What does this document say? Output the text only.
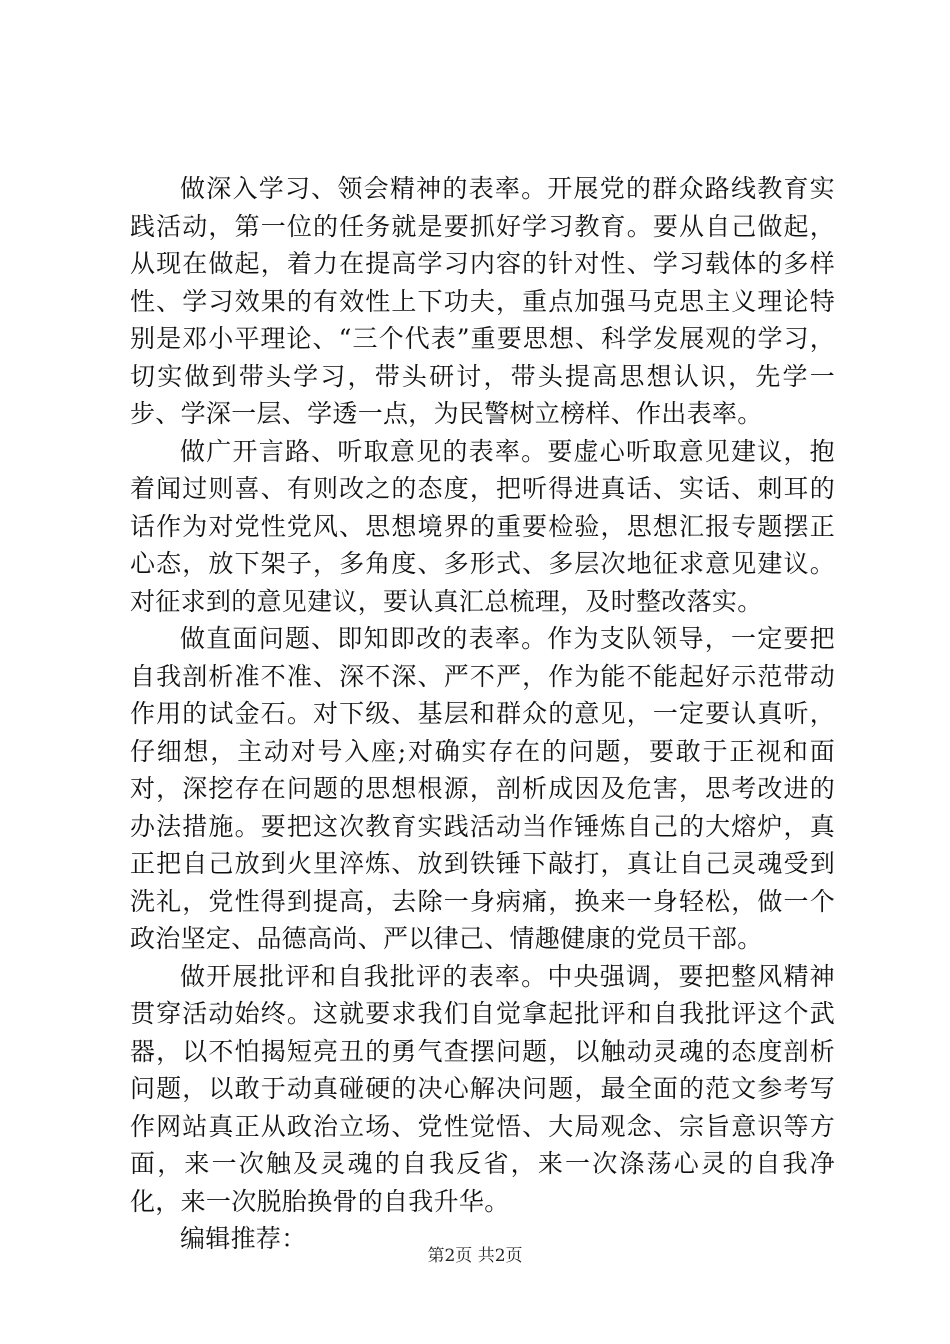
做深入学习、领会精神的表率。开展党的群众路线教育实践活动，第一位的任务就是要抓好学习教育。要从自己做起，从现在做起，着力在提高学习内容的针对性、学习载体的多样性、学习效果的有效性上下功夫，重点加强马克思主义理论特别是邓小平理论、“三个代表”重要思想、科学发展观的学习，切实做到带头学习，带头研讨，带头提高思想认识，先学一步、学深一层、学透一点，为民警树立榜样、作出表率。

做广开言路、听取意见的表率。要虚心听取意见建议，抱着闻过则喜、有则改之的态度，把听得进真话、实话、刺耳的话作为对党性党风、思想境界的重要检验，思想汇报专题摆正心态，放下架子，多角度、多形式、多层次地征求意见建议。对征求到的意见建议，要认真汇总梳理，及时整改落实。

做直面问题、即知即改的表率。作为支队领导，一定要把自我剖析准不准、深不深、严不严，作为能不能起好示范带动作用的试金石。对下级、基层和群众的意见，一定要认真听，仔细想，主动对号入座;对确实存在的问题，要敢于正视和面对，深挖存在问题的思想根源，剖析成因及危害，思考改进的办法措施。要把这次教育实践活动当作锤炼自己的大熔炉，真正把自己放到火里淬炼、放到铁锤下敲打，真让自己灵魂受到洗礼，党性得到提高，去除一身病痛，换来一身轻松，做一个政治坚定、品德高尚、严以律己、情趣健康的党员干部。

做开展批评和自我批评的表率。中央强调，要把整风精神贯穿活动始终。这就要求我们自觉拿起批评和自我批评这个武器，以不怕揭短亮丑的勇气查摆问题，以触动灵魂的态度剖析问题，以敢于动真碰硬的决心解决问题，最全面的范文参考写作网站真正从政治立场、党性觉悟、大局观念、宗旨意识等方面，来一次触及灵魂的自我反省，来一次涤荡心灵的自我净化，来一次脱胎换骨的自我升华。

编辑推荐：

第2页 共2页
